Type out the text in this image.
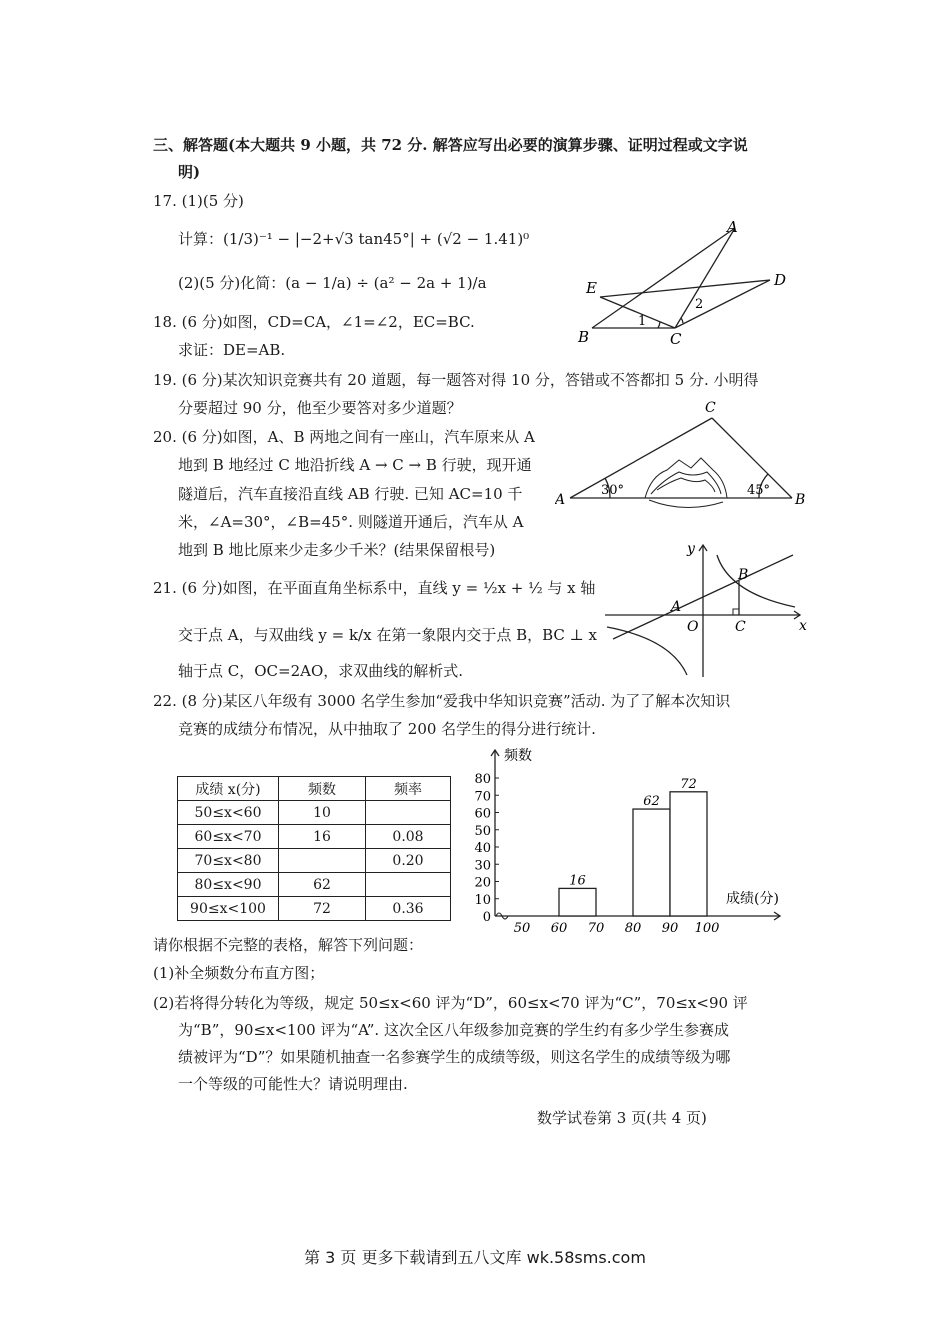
三、解答题(本大题共 9 小题，共 72 分. 解答应写出必要的演算步骤、证明过程或文字说
明)
17. (1)(5 分)
计算：(1/3)⁻¹ − |−2+√3 tan45°| + (√2 − 1.41)⁰
(2)(5 分)化简：(a − 1/a) ÷ (a² − 2a + 1)/a
18. (6 分)如图，CD=CA，∠1=∠2，EC=BC.
求证：DE=AB.
A
B	C
D
E
1
2
19. (6 分)某次知识竞赛共有 20 道题，每一题答对得 10 分，答错或不答都扣 5 分. 小明得
分要超过 90 分，他至少要答对多少道题？
20. (6 分)如图，A、B 两地之间有一座山，汽车原来从 A
地到 B 地经过 C 地沿折线 A → C → B 行驶，现开通
隧道后，汽车直接沿直线 AB 行驶. 已知 AC=10 千
米，∠A=30°，∠B=45°. 则隧道开通后，汽车从 A
地到 B 地比原来少走多少千米？(结果保留根号)
A	B
C
30°	45°
21. (6 分)如图，在平面直角坐标系中，直线 y = ½x + ½ 与 x 轴
交于点 A，与双曲线 y = k/x 在第一象限内交于点 B，BC ⊥ x
轴于点 C，OC=2AO，求双曲线的解析式.
y
x
O
A
B
C
22. (8 分)某区八年级有 3000 名学生参加“爱我中华知识竞赛”活动. 为了了解本次知识
竞赛的成绩分布情况，从中抽取了 200 名学生的得分进行统计.
成绩 x(分)	频数	频率
50≤x<60	10	
60≤x<70	16	0.08
70≤x<80		0.20
80≤x<90	62	
90≤x<100	72	0.36
0
10
20
30
40
50
60
70
80
50 60 70 80 90 100
16
62
72
频数
成绩(分)
请你根据不完整的表格，解答下列问题：
(1)补全频数分布直方图；
(2)若将得分转化为等级，规定 50≤x<60 评为“D”，60≤x<70 评为“C”，70≤x<90 评
为“B”，90≤x<100 评为“A”. 这次全区八年级参加竞赛的学生约有多少学生参赛成
绩被评为“D”？如果随机抽查一名参赛学生的成绩等级，则这名学生的成绩等级为哪
一个等级的可能性大？请说明理由.
数学试卷第 3 页(共 4 页)
第 3 页 更多下载请到五八文库 wk.58sms.com
